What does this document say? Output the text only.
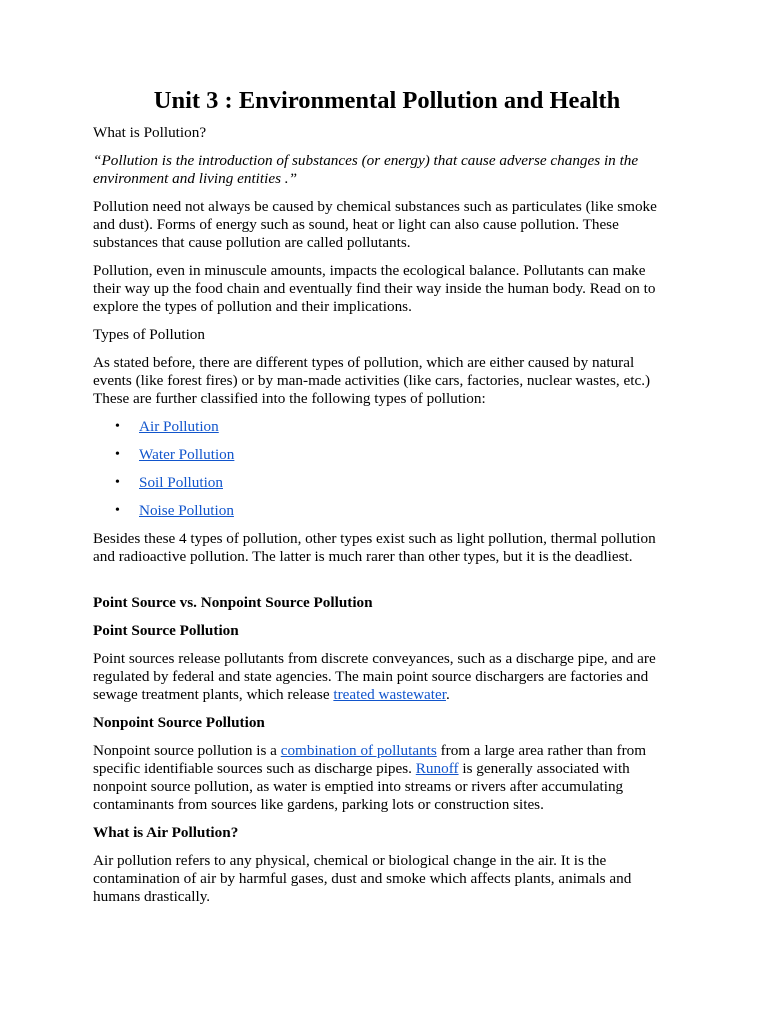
Unit 3 : Environmental Pollution and Health

What is Pollution?

“Pollution is the introduction of substances (or energy) that cause adverse changes in the environment and living entities .”

Pollution need not always be caused by chemical substances such as particulates (like smoke and dust). Forms of energy such as sound, heat or light can also cause pollution. These substances that cause pollution are called pollutants.

Pollution, even in minuscule amounts, impacts the ecological balance. Pollutants can make their way up the food chain and eventually find their way inside the human body. Read on to explore the types of pollution and their implications.

Types of Pollution

As stated before, there are different types of pollution, which are either caused by natural events (like forest fires) or by man-made activities (like cars, factories, nuclear wastes, etc.) These are further classified into the following types of pollution:

• Air Pollution
• Water Pollution
• Soil Pollution
• Noise Pollution

Besides these 4 types of pollution, other types exist such as light pollution, thermal pollution and radioactive pollution. The latter is much rarer than other types, but it is the deadliest.

Point Source vs. Nonpoint Source Pollution

Point Source Pollution

Point sources release pollutants from discrete conveyances, such as a discharge pipe, and are regulated by federal and state agencies. The main point source dischargers are factories and sewage treatment plants, which release treated wastewater.

Nonpoint Source Pollution

Nonpoint source pollution is a combination of pollutants from a large area rather than from specific identifiable sources such as discharge pipes. Runoff is generally associated with nonpoint source pollution, as water is emptied into streams or rivers after accumulating contaminants from sources like gardens, parking lots or construction sites.

What is Air Pollution?

Air pollution refers to any physical, chemical or biological change in the air. It is the contamination of air by harmful gases, dust and smoke which affects plants, animals and humans drastically.
